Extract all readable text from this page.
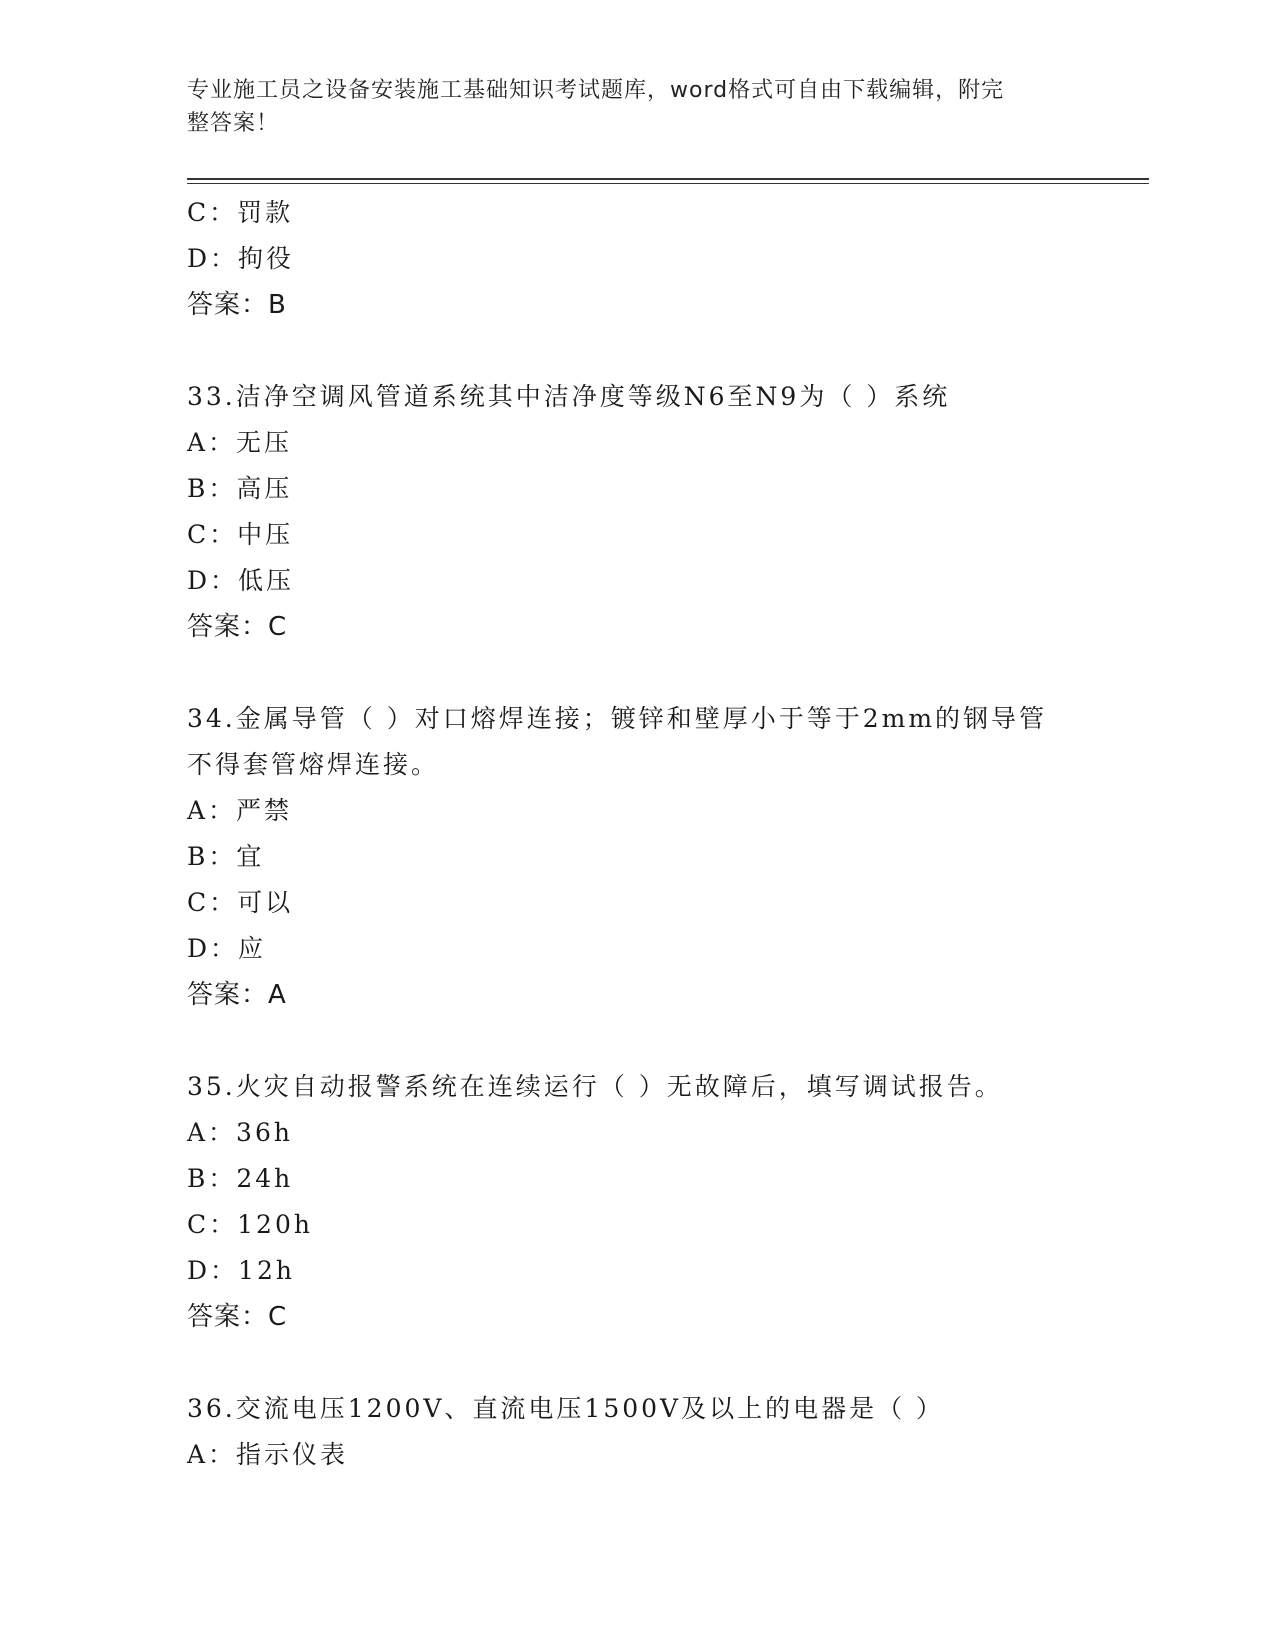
专业施工员之设备安装施工基础知识考试题库，word格式可自由下载编辑，附完
整答案！
C：罚款
D：拘役
答案：B
33.洁净空调风管道系统其中洁净度等级N6至N9为（ ）系统
A：无压
B：高压
C：中压
D：低压
答案：C
34.金属导管（ ）对口熔焊连接；镀锌和壁厚小于等于2mm的钢导管
不得套管熔焊连接。
A：严禁
B：宜
C：可以
D：应
答案：A
35.火灾自动报警系统在连续运行（ ）无故障后，填写调试报告。
A：36h
B：24h
C：120h
D：12h
答案：C
36.交流电压1200V、直流电压1500V及以上的电器是（ ）
A：指示仪表
